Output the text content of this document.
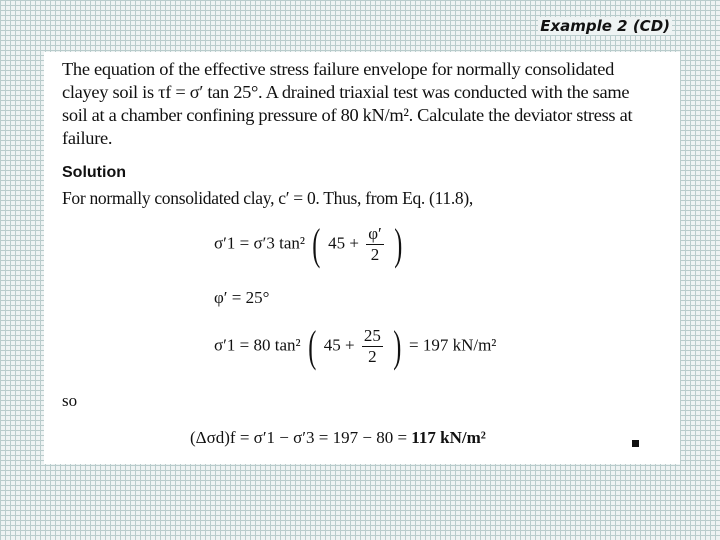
Example 2 (CD)
The equation of the effective stress failure envelope for normally consolidated
clayey soil is τf = σ′ tan 25°. A drained triaxial test was conducted with the same
soil at a chamber confining pressure of 80 kN/m². Calculate the deviator stress at
failure.
Solution
For normally consolidated clay, c′ = 0. Thus, from Eq. (11.8),
σ′1 = σ′3 tan² ( $45 + \frac{\varphi'}{2}$ )
φ′ = 25°
σ′1 = 80 tan² ( $45 + \frac{25}{2}$ ) = 197 kN/m²
so
(Δσd)f = σ′1 − σ′3 = 197 − 80 = 117 kN/m²
